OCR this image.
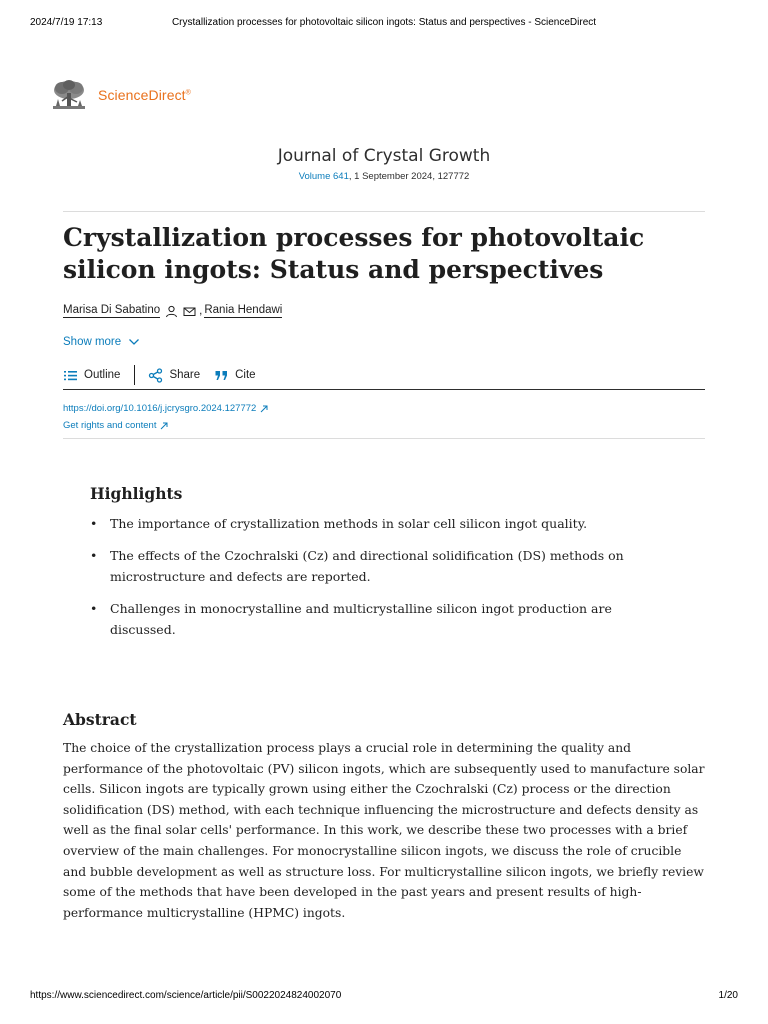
2024/7/19 17:13	Crystallization processes for photovoltaic silicon ingots: Status and perspectives - ScienceDirect
ScienceDirect®
Journal of Crystal Growth
Volume 641, 1 September 2024, 127772
Crystallization processes for photovoltaic silicon ingots: Status and perspectives
Marisa Di Sabatino	, Rania Hendawi
Show more
Outline	Share	Cite
https://doi.org/10.1016/j.jcrysgro.2024.127772
Get rights and content
Highlights
• The importance of crystallization methods in solar cell silicon ingot quality.
• The effects of the Czochralski (Cz) and directional solidification (DS) methods on microstructure and defects are reported.
• Challenges in monocrystalline and multicrystalline silicon ingot production are discussed.
Abstract

The choice of the crystallization process plays a crucial role in determining the quality and performance of the photovoltaic (PV) silicon ingots, which are subsequently used to manufacture solar cells. Silicon ingots are typically grown using either the Czochralski (Cz) process or the direction solidification (DS) method, with each technique influencing the microstructure and defects density as well as the final solar cells' performance. In this work, we describe these two processes with a brief overview of the main challenges. For monocrystalline silicon ingots, we discuss the role of crucible and bubble development as well as structure loss. For multicrystalline silicon ingots, we briefly review some of the methods that have been developed in the past years and present results of high-performance multicrystalline (HPMC) ingots.

https://www.sciencedirect.com/science/article/pii/S0022024824002070	1/20
